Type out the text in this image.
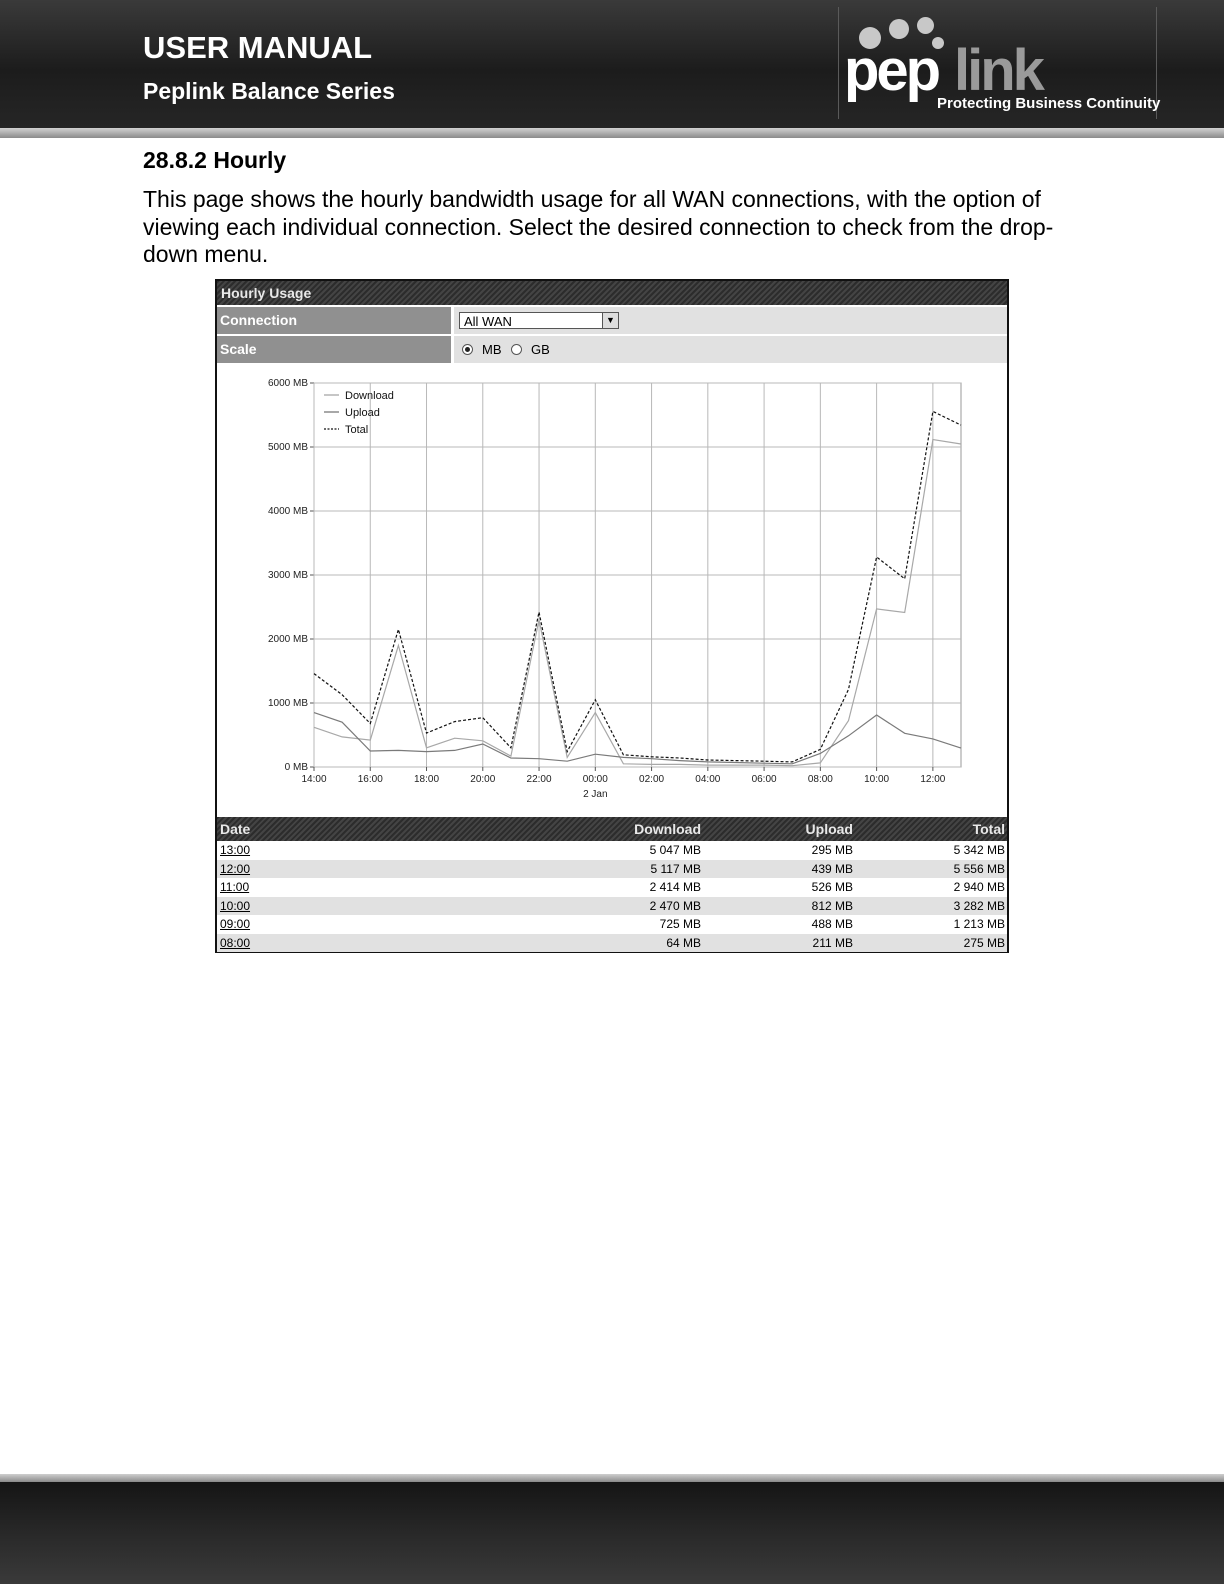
USER MANUAL
Peplink Balance Series	pep link
Protecting Business Continuity
28.8.2 Hourly
This page shows the hourly bandwidth usage for all WAN connections, with the option of viewing each individual connection. Select the desired connection to check from the drop-down menu.
Hourly Usage
Connection	All WAN	▼
Scale	MB GB
0 MB
1000 MB
2000 MB
3000 MB
4000 MB
5000 MB
6000 MB
14:00	16:00	18:00	20:00	22:00	00:00	02:00	04:00	06:00	08:00	10:00	12:00
2 Jan
Download
Upload
Total
Date	Download	Upload	Total
13:00	5 047 MB	295 MB	5 342 MB
12:00	5 117 MB	439 MB	5 556 MB
11:00	2 414 MB	526 MB	2 940 MB
10:00	2 470 MB	812 MB	3 282 MB
09:00	725 MB	488 MB	1 213 MB
08:00	64 MB	211 MB	275 MB
